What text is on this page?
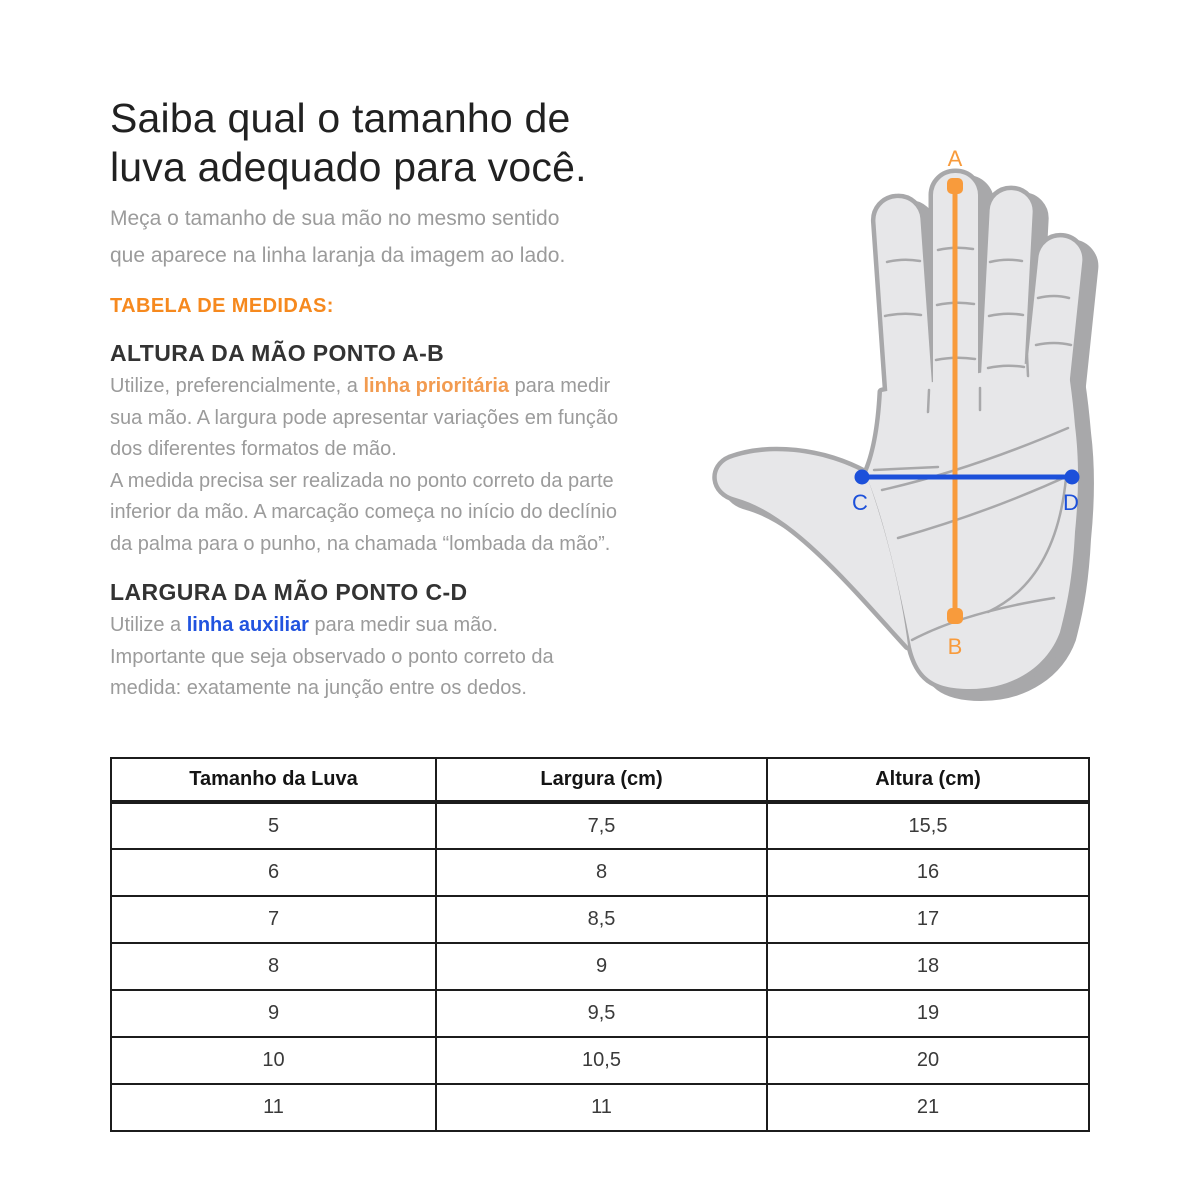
Saiba qual o tamanho de
luva adequado para você.
Meça o tamanho de sua mão no mesmo sentido
que aparece na linha laranja da imagem ao lado.
TABELA DE MEDIDAS:
ALTURA DA MÃO PONTO A-B
Utilize, preferencialmente, a linha prioritária para medir
sua mão. A largura pode apresentar variações em função
dos diferentes formatos de mão.
A medida precisa ser realizada no ponto correto da parte
inferior da mão. A marcação começa no início do declínio
da palma para o punho, na chamada “lombada da mão”.
LARGURA DA MÃO PONTO C-D
Utilize a linha auxiliar para medir sua mão.
Importante que seja observado o ponto correto da
medida: exatamente na junção entre os dedos.
A
B
C	D
Tamanho da Luva	Largura (cm)	Altura (cm)
5	7,5	15,5
6	8	16
7	8,5	17
8	9	18
9	9,5	19
10	10,5	20
11	11	21
